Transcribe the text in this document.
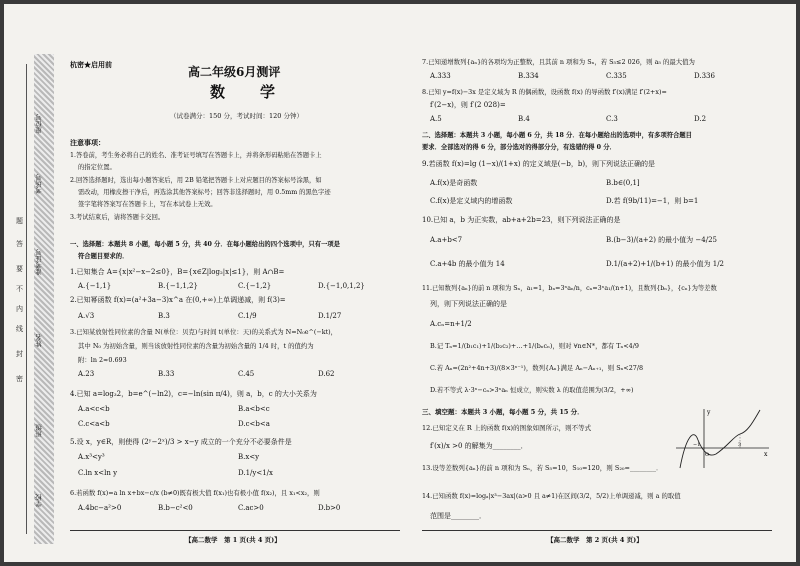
学校
班级
姓名
准考证号
考场号
座位号
密
封
线
内
不
要
答
题
杭密★启用前
高二年级6月测评
数　学
（试卷满分：150 分，考试时间：120 分钟）
注意事项：
1.答卷前，考生务必将自己的姓名、准考证号填写在答题卡上，并将条形码粘贴在答题卡上
的指定位置。
2.回答选择题时，选出每小题答案后，用 2B 铅笔把答题卡上对应题目的答案标号涂黑，如
需改动，用橡皮擦干净后，再选涂其他答案标号；回答非选择题时，用 0.5mm 的黑色字迹
签字笔将答案写在答题卡上，写在本试卷上无效。
3.考试结束后，请将答题卡交回。
一、选择题：本题共 8 小题，每小题 5 分，共 40 分．在每小题给出的四个选项中，只有一项是
符合题目要求的．
1.已知集合 A={x|x²−x−2≤0}，B={x∈Z|log₂|x|≤1}，则 A∩B=
A.{−1,1}	B.{−1,1,2}	C.{−1,2}	D.{−1,0,1,2}
2.已知幂函数 f(x)=(a²+3a−3)x^a 在(0,+∞)上单调递减，则 f(3)=
A.√3	B.3	C.1/9	D.1/27
3.已知某放射性同位素的含量 N(单位：贝克)与时间 t(单位：天)的关系式为 N=N₀e^(−kt)，
其中 N₀ 为初始含量，则当该放射性同位素的含量为初始含量的 1/4 时，t 的值约为
附：ln 2≈0.693
A.23	B.33	C.45	D.62
4.已知 a=log₃2，b=e^(−ln2)，c=−ln(sin π/4)，则 a，b，c 的大小关系为
A.a<c<b	B.a<b<c
C.c<a<b	D.c<b<a
5.设 x，y∈R，则使得 (2ʸ−2ˣ)/3 > x−y 成立的一个充分不必要条件是
A.x³<y³	B.x<y
C.ln x<ln y	D.1/y<1/x
6.若函数 f(x)=a ln x+bx−c/x (b≠0)既有极大值 f(x₁)也有极小值 f(x₂)，且 x₁<x₂，则
A.4bc−a²>0	B.b−c²<0	C.ac>0	D.b>0
【高二数学　第 1 页(共 4 页)】
7.已知递增数列{aₙ}的各项均为正整数，且其前 n 项和为 Sₙ，若 S₅≤2 026，则 a₅ 的最大值为
A.333	B.334	C.335	D.336
8.已知 y=f(x)−3x 是定义域为 R 的偶函数，设函数 f(x) 的导函数 f′(x)满足 f′(2+x)=
f′(2−x)，则 f′(2 028)=
A.5	B.4	C.3	D.2
二、选择题：本题共 3 小题，每小题 6 分，共 18 分．在每小题给出的选项中，有多项符合题目
要求．全部选对的得 6 分，部分选对的得部分分，有选错的得 0 分．
9.若函数 f(x)=lg (1−x)/(1+x) 的定义域是(−b，b)，则下列说法正确的是
A.f(x)是奇函数	B.b∈(0,1]
C.f(x)是定义域内的增函数	D.若 f(9b/11)=−1，则 b=1
10.已知 a，b 为正实数，ab+a+2b=23，则下列说法正确的是
A.a+b<7	B.(b−3)/(a+2) 的最小值为 −4/25
C.a+4b 的最小值为 14	D.1/(a+2)+1/(b+1) 的最小值为 1/2
11.已知数列{aₙ}的前 n 项和为 Sₙ，a₁=1，bₙ=3ⁿaₙ/n，cₙ=3ⁿa₁/(n+1)，且数列{bₙ}，{cₙ}为等差数
列，则下列说法正确的是
A.cₙ=n+1/2
B.记 Tₙ=1/(b₁c₁)+1/(b₂c₂)+…+1/(bₙcₙ)，则对 ∀n∈N*，都有 Tₙ<4/9
C.若 Aₙ=(2n²+4n+3)/(8×3ⁿ⁻¹)，数列{Aₙ}满足 Aₙ−Aₙ₊₁，则 Sₙ<27/8
D.若不等式 λ·3ⁿ−cₙ>3ⁿaₙ 恒成立，则实数 λ 的取值范围为(3/2，+∞)
三、填空题：本题共 3 小题，每小题 5 分，共 15 分．
12.已知定义在 R 上的函数 f(x)的图象如图所示，则不等式
f′(x)/x >0 的解集为________．
y
x
O
−1	3
13.设等差数列{aₙ}的前 n 项和为 Sₙ，若 S₅=10，S₁₀=120，则 S₂₀=________．
14.已知函数 f(x)=logₐ|x³−3ax|(a>0 且 a≠1)在区间(3/2，5/2)上单调递减，则 a 的取值
范围是________．
【高二数学　第 2 页(共 4 页)】
